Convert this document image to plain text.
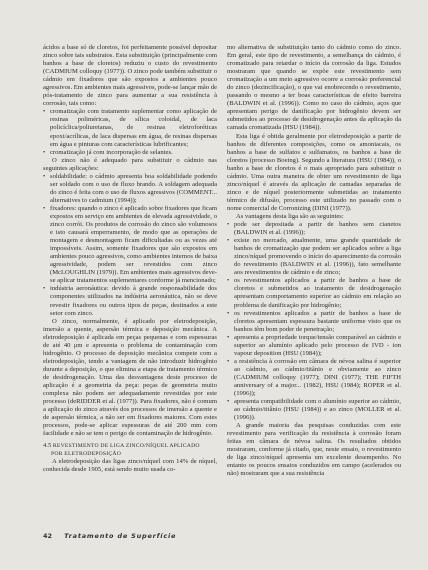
ácidos a base só de cloretos, foi perfeitamente possível depositar zinco sobre tais substratos. Esta substituição (principalmente com banhos a base de cloretos) reduziu o custo do revestimento (CADMIUM colloquy (1977)). O zinco pode também substituir o cádmio em fixadores que são expostos a ambientes pouco agressivos. Em ambientes mais agressivos, pode-se lançar mão de pós-tratamento de zinco para aumentar a sua resistência à corrosão, tais como:

• cromatização com tratamento suplementar como aplicação de resinas poliméricas, de sílica coloidal, de laca policíclica/poliuretanas, de resinas eletroforéticas epoxi/acrílicas, de laca dispersas em água, de resinas dispersas em água e pinturas com características lubrificantes;
• cromatização já com incorporação de selantes.

O zinco não é adequado para substituir o cádmio nas seguintes aplicações:

• soldabilidade: o cádmio apresenta boa soldabilidade podendo ser soldado com o uso de fluxo brando. A soldagem adequada do zinco é feita com o uso de fluxos agressivos (COMMENT... alternatives to cadmium (1994));
• fixadores: quando o zinco é aplicado sobre fixadores que ficam expostos em serviço em ambientes de elevada agressividade, o zinco corrói. Os produtos de corrosão do zinco são volumosos e isto causará emperramento, de modo que as operações de montagem e desmontagem ficam dificultadas ou as vezes até impossíveis. Assim, somente fixadores que são expostos em ambientes pouco agressivos, como ambientes internos de baixa agressividade, podem ser revestidos com zinco (McLOUGHLIN (1979)). Em ambientes mais agressivos deve-se aplicar tratamentos suplementares conforme já mencionado;
• indústria aeronáutica: devido à grande responsabilidade dos componentes utilizados na indústria aeronáutica, não se deve revestir fixadores ou outros tipos de peças, destinados a este setor com zinco.

O zinco, normalmente, é aplicado por eletrodeposição, imersão a quente, aspersão térmica e deposição mecânica. A eletrodeposição é aplicada em peças pequenas e com espessuras de até 40 μm e apresenta o problema de contaminação com hidrogênio. O processo de deposição mecânica compete com a eletrodeposição, tendo a vantagem de não introduzir hidrogênio durante a deposição, o que elimina a etapa de tratamento térmico de desidrogenação. Uma das desvantagens deste processo de aplicação é a geometria da peça: peças de geometria muito complexa não podem ser adequadamente revestidas por este processo (deRIDDER et al. (1977)). Para fixadores, não é comum a aplicação do zinco através dos processos de imersão a quente e de aspersão térmica, a não ser em fixadores maiores. Com estes processos, pode-se aplicar espessuras de até 200 mm com facilidade e não se tem o perigo de contaminação de hidrogênio.

4.5 REVESTIMENTO DE LIGA ZINCO/NÍQUEL APLICADO
POR ELETRODEPOSIÇÃO

A eletrodeposição das ligas zinco/níquel com 14% de níquel, conhecida desde 1905, está sendo muito usada co-

mo alternativa de substituição tanto do cádmio como do zinco. Em geral, este tipo de revestimento, a semelhança do cádmio, é cromatizado para retardar o início da corrosão da liga. Estudos mostraram que quando se expõe este revestimento sem cromatização a um meio agressivo ocorre a corrosão preferencial do zinco (dezincificação), o que vai enobrecendo o revestimento, passando o mesmo a ter boas características de efeito barreira (BALDWIN et al. (1996)). Como no caso do cádmio, aços que apresentam perigo de danificação por hidrogênio devem ser submetidos ao processo de desidrogenação antes da aplicação da camada cromatizada (HSU (1984)).

Esta liga é obtida geralmente por eletrodeposição a partir de banhos de diferentes composições, como os amoniacais, os banhos a base de sulfatos e sulfamatos, os banhos a base de cloretos (processo Boeing). Segundo a literatura (HSU (1984)), o banho a base de cloretos é o mais apropriado para substituir o cádmio. Uma outra maneira de obter um revestimento de liga zinco/níquel é através da aplicação de camadas separadas de zinco e de níquel posteriormente submetidas ao tratamento térmico de difusão, processo este utilizado no passado com o nome comercial de Corronizing (DINI (1977)).

As vantagens desta liga são as seguintes:

• pode ser depositada a partir de banhos sem cianetos (BALDWIN et al. (1996));
• existe no mercado, atualmente, uma grande quantidade de banhos de cromatização que podem ser aplicados sobre a liga zinco/níquel promovendo o início do aparecimento da corrosão do revestimento (BALDWIN et al. (1996)), fato semelhante aos revestimentos de cádmio e de zinco;
• os revestimentos aplicados a partir de banhos a base de cloretos e submetidos ao tratamento de desidrogenação apresentam comportamento superior ao cádmio em relação ao problema de danificação por hidrogênio;
• os revestimentos aplicados a partir de banhos a base de cloretos apresentam espessura bastante uniforme visto que os banhos têm bom poder de penetração;
• apresenta a propriedade torque/tensão comparável ao cádmio e superior ao alumínio aplicado pelo processo de IVD - ion vapour deposition (HSU (1984));
• a resistência à corrosão em câmara de névoa salina é superior ao cádmio, ao cádmio/titânio e obviamente ao zinco (CADMIUM colloquy (1977); DINI (1977); THE FIFTH anniversary of a major... (1982), HSU (1984); ROPER et al. (1996));
• apresenta compatibilidade com o alumínio superior ao cádmio, ao cádmio/titânio (HSU (1984)) e ao zinco (MOLLER et al. (1996)).

A grande maioria das pesquisas conduzidas com este revestimento para verificação da resistência à corrosão foram feitas em câmara de névoa salina. Os resultados obtidos mostraram, conforme já citado, que, neste ensaio, o revestimento de liga zinco/níquel apresenta um excelente desempenho. No entanto os poucos ensaios conduzidos em campo (acelerados ou não) mostraram que a sua resistência

42 Tratamento de Superfície
